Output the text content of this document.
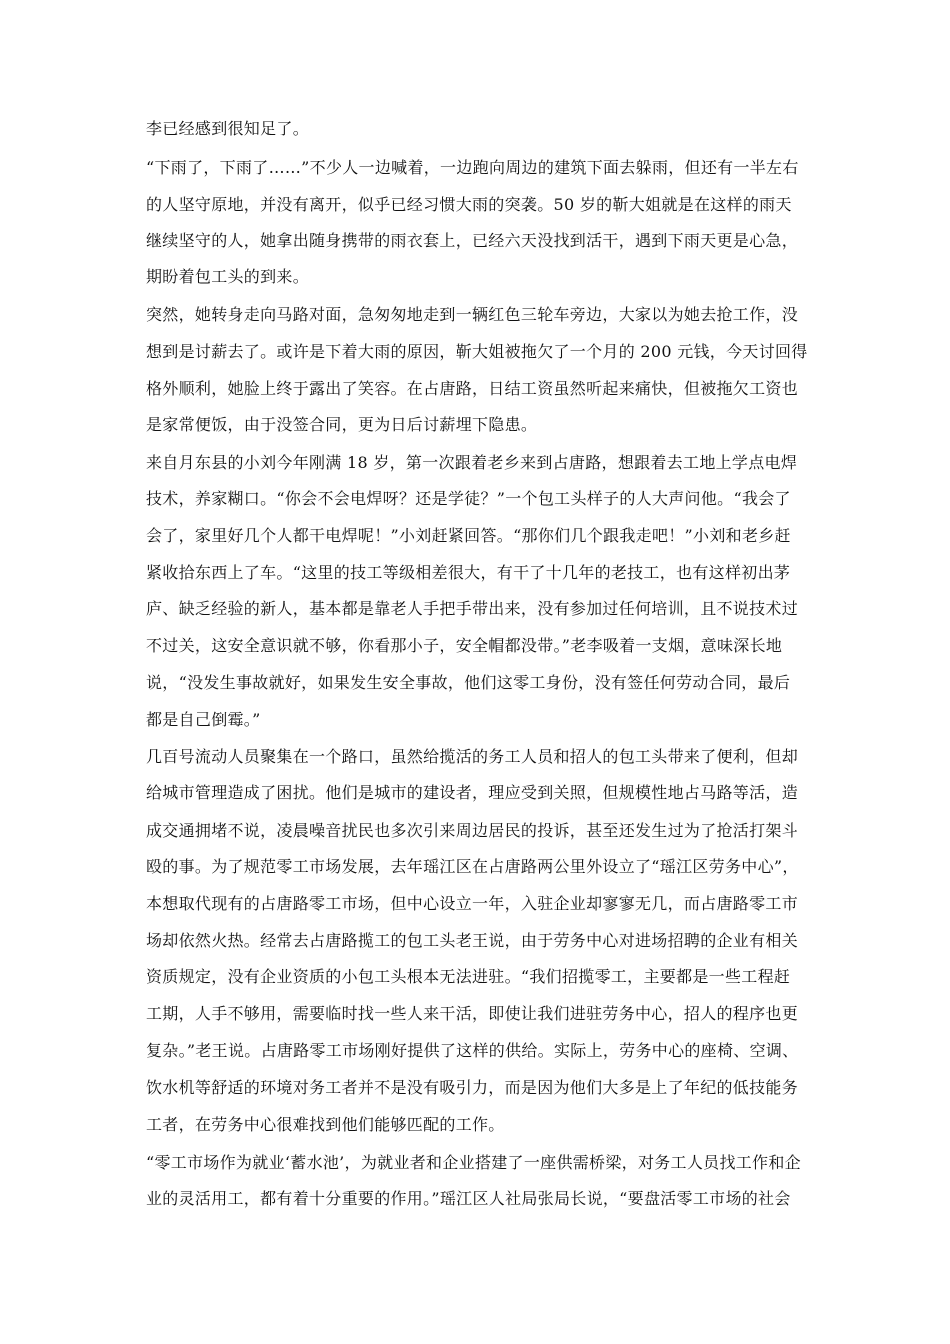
李已经感到很知足了。
“下雨了，下雨了……”不少人一边喊着，一边跑向周边的建筑下面去躲雨，但还有一半左右
的人坚守原地，并没有离开，似乎已经习惯大雨的突袭。50 岁的靳大姐就是在这样的雨天
继续坚守的人，她拿出随身携带的雨衣套上，已经六天没找到活干，遇到下雨天更是心急，
期盼着包工头的到来。
突然，她转身走向马路对面，急匆匆地走到一辆红色三轮车旁边，大家以为她去抢工作，没
想到是讨薪去了。或许是下着大雨的原因，靳大姐被拖欠了一个月的 200 元钱，今天讨回得
格外顺利，她脸上终于露出了笑容。在占唐路，日结工资虽然听起来痛快，但被拖欠工资也
是家常便饭，由于没签合同，更为日后讨薪埋下隐患。
来自月东县的小刘今年刚满 18 岁，第一次跟着老乡来到占唐路，想跟着去工地上学点电焊
技术，养家糊口。“你会不会电焊呀？还是学徒？”一个包工头样子的人大声问他。“我会了
会了，家里好几个人都干电焊呢！”小刘赶紧回答。“那你们几个跟我走吧！”小刘和老乡赶
紧收拾东西上了车。“这里的技工等级相差很大，有干了十几年的老技工，也有这样初出茅
庐、缺乏经验的新人，基本都是靠老人手把手带出来，没有参加过任何培训，且不说技术过
不过关，这安全意识就不够，你看那小子，安全帽都没带。”老李吸着一支烟，意味深长地
说，“没发生事故就好，如果发生安全事故，他们这零工身份，没有签任何劳动合同，最后
都是自己倒霉。”
几百号流动人员聚集在一个路口，虽然给揽活的务工人员和招人的包工头带来了便利，但却
给城市管理造成了困扰。他们是城市的建设者，理应受到关照，但规模性地占马路等活，造
成交通拥堵不说，凌晨噪音扰民也多次引来周边居民的投诉，甚至还发生过为了抢活打架斗
殴的事。为了规范零工市场发展，去年瑶江区在占唐路两公里外设立了“瑶江区劳务中心”，
本想取代现有的占唐路零工市场，但中心设立一年，入驻企业却寥寥无几，而占唐路零工市
场却依然火热。经常去占唐路揽工的包工头老王说，由于劳务中心对进场招聘的企业有相关
资质规定，没有企业资质的小包工头根本无法进驻。“我们招揽零工，主要都是一些工程赶
工期，人手不够用，需要临时找一些人来干活，即使让我们进驻劳务中心，招人的程序也更
复杂。”老王说。占唐路零工市场刚好提供了这样的供给。实际上，劳务中心的座椅、空调、
饮水机等舒适的环境对务工者并不是没有吸引力，而是因为他们大多是上了年纪的低技能务
工者，在劳务中心很难找到他们能够匹配的工作。
“零工市场作为就业‘蓄水池’，为就业者和企业搭建了一座供需桥梁，对务工人员找工作和企
业的灵活用工，都有着十分重要的作用。”瑶江区人社局张局长说，“要盘活零工市场的社会
